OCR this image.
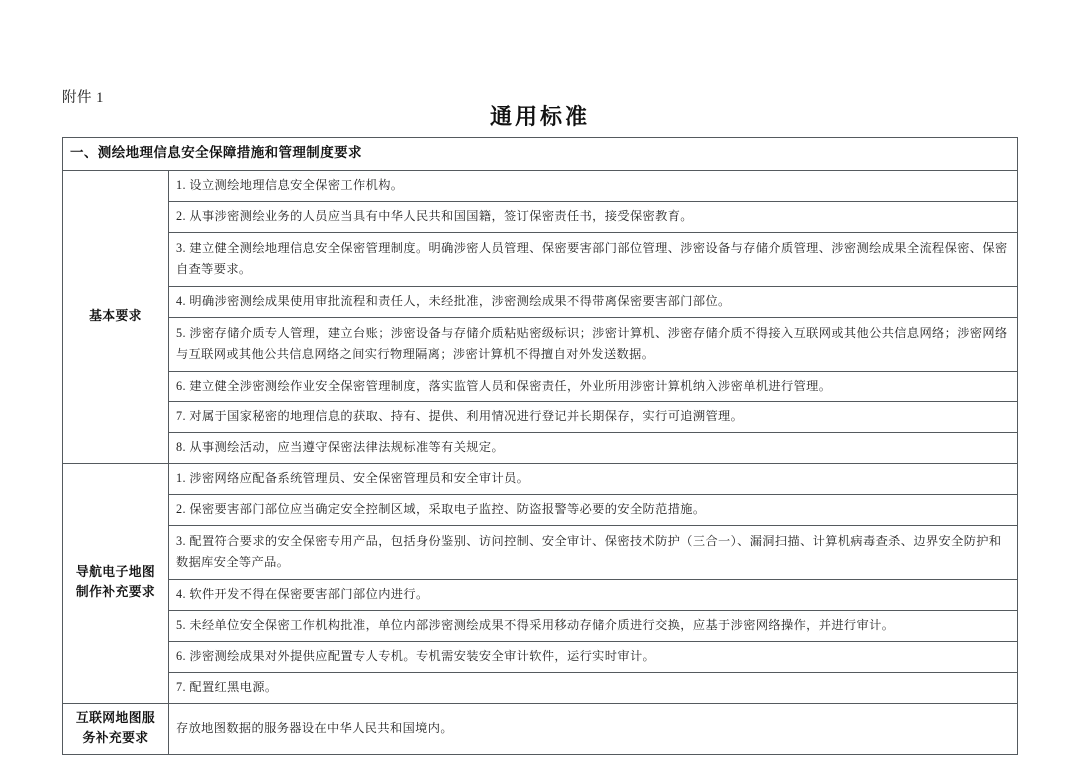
附件 1
通用标准
一、测绘地理信息安全保障措施和管理制度要求	
基本要求	1. 设立测绘地理信息安全保密工作机构。
	2. 从事涉密测绘业务的人员应当具有中华人民共和国国籍，签订保密责任书，接受保密教育。
	3. 建立健全测绘地理信息安全保密管理制度。明确涉密人员管理、保密要害部门部位管理、涉密设备与存储介质管理、涉密测绘成果全流程保密、保密自查等要求。
	4. 明确涉密测绘成果使用审批流程和责任人，未经批准，涉密测绘成果不得带离保密要害部门部位。
	5. 涉密存储介质专人管理，建立台账；涉密设备与存储介质粘贴密级标识；涉密计算机、涉密存储介质不得接入互联网或其他公共信息网络；涉密网络与互联网或其他公共信息网络之间实行物理隔离；涉密计算机不得擅自对外发送数据。
	6. 建立健全涉密测绘作业安全保密管理制度，落实监管人员和保密责任，外业所用涉密计算机纳入涉密单机进行管理。
	7. 对属于国家秘密的地理信息的获取、持有、提供、利用情况进行登记并长期保存，实行可追溯管理。
	8. 从事测绘活动，应当遵守保密法律法规标准等有关规定。
导航电子地图制作补充要求	1. 涉密网络应配备系统管理员、安全保密管理员和安全审计员。
	2. 保密要害部门部位应当确定安全控制区域，采取电子监控、防盗报警等必要的安全防范措施。
	3. 配置符合要求的安全保密专用产品，包括身份鉴别、访问控制、安全审计、保密技术防护（三合一）、漏洞扫描、计算机病毒查杀、边界安全防护和数据库安全等产品。
	4. 软件开发不得在保密要害部门部位内进行。
	5. 未经单位安全保密工作机构批准，单位内部涉密测绘成果不得采用移动存储介质进行交换，应基于涉密网络操作，并进行审计。
	6. 涉密测绘成果对外提供应配置专人专机。专机需安装安全审计软件，运行实时审计。
	7. 配置红黑电源。
互联网地图服务补充要求	存放地图数据的服务器设在中华人民共和国境内。
